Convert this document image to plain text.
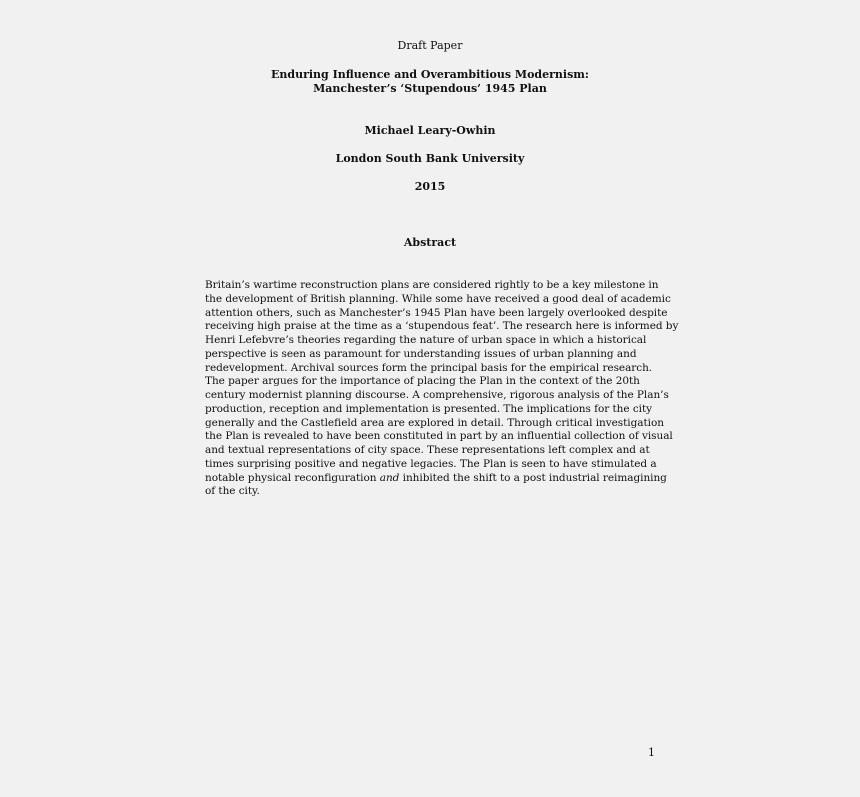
Draft Paper
Enduring Influence and Overambitious Modernism:
Manchester’s ‘Stupendous’ 1945 Plan
Michael Leary-Owhin
London South Bank University
2015
Abstract
Britain’s wartime reconstruction plans are considered rightly to be a key milestone in
the development of British planning. While some have received a good deal of academic
attention others, such as Manchester’s 1945 Plan have been largely overlooked despite
receiving high praise at the time as a ‘stupendous feat’. The research here is informed by
Henri Lefebvre’s theories regarding the nature of urban space in which a historical
perspective is seen as paramount for understanding issues of urban planning and
redevelopment. Archival sources form the principal basis for the empirical research.
The paper argues for the importance of placing the Plan in the context of the 20th
century modernist planning discourse. A comprehensive, rigorous analysis of the Plan’s
production, reception and implementation is presented. The implications for the city
generally and the Castlefield area are explored in detail. Through critical investigation
the Plan is revealed to have been constituted in part by an influential collection of visual
and textual representations of city space. These representations left complex and at
times surprising positive and negative legacies. The Plan is seen to have stimulated a
notable physical reconfiguration and inhibited the shift to a post industrial reimagining
of the city.
1
